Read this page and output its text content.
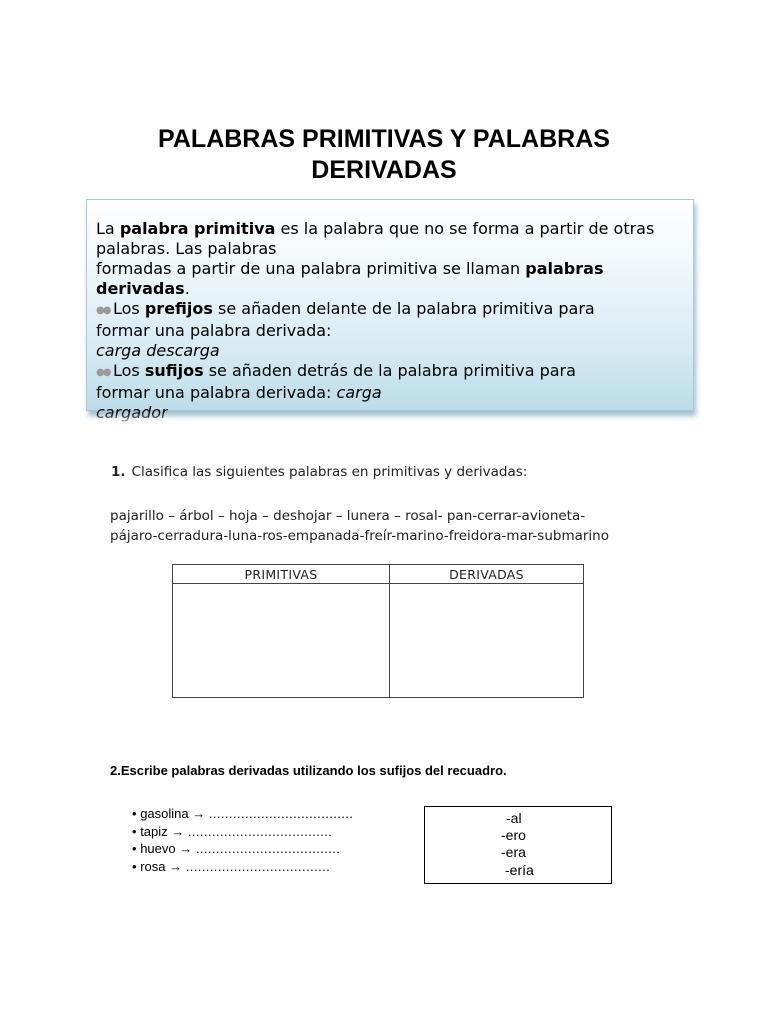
PALABRAS PRIMITIVAS Y PALABRAS
DERIVADAS
La palabra primitiva es la palabra que no se forma a partir de otras palabras. Las palabras
formadas a partir de una palabra primitiva se llaman palabras
derivadas.
●● Los prefijos se añaden delante de la palabra primitiva para
formar una palabra derivada:
carga descarga
●● Los sufijos se añaden detrás de la palabra primitiva para
formar una palabra derivada: carga
cargador
1. Clasifica las siguientes palabras en primitivas y derivadas:
pajarillo – árbol – hoja – deshojar – lunera – rosal- pan-cerrar-avioneta-
pájaro-cerradura-luna-ros-empanada-freír-marino-freidora-mar-submarino
PRIMITIVAS	DERIVADAS

2.Escribe palabras derivadas utilizando los sufijos del recuadro.
• gasolina → ....................................
• tapiz → ....................................
• huevo → ....................................
• rosa → ....................................
-al
-ero
-era
-ería
